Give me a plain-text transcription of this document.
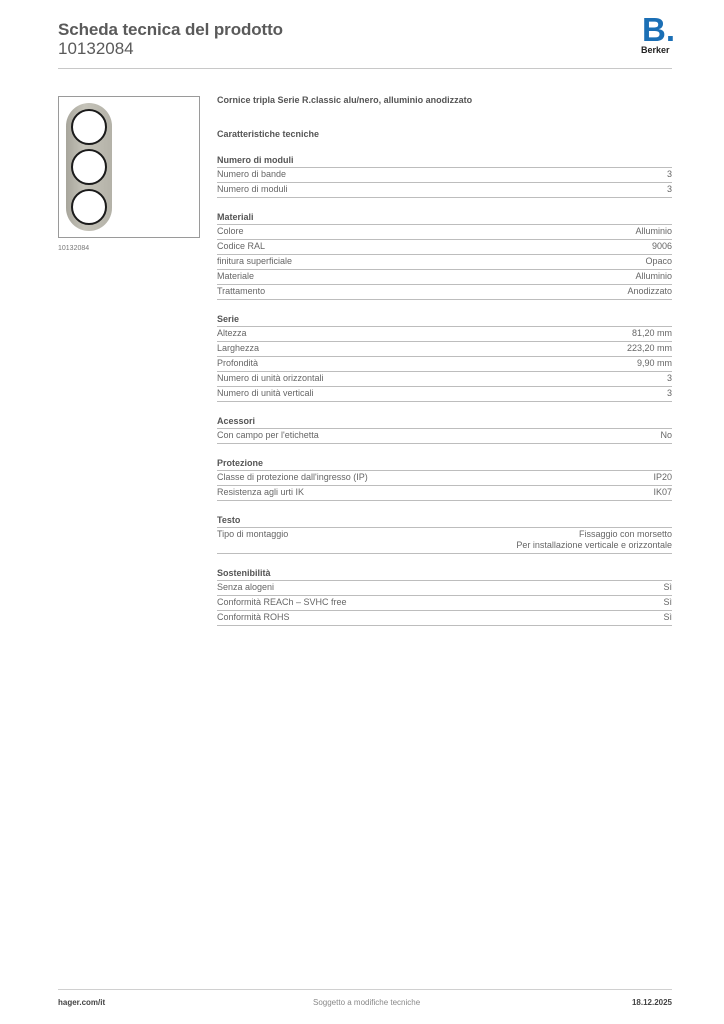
Scheda tecnica del prodotto
10132084
B.
Berker
10132084
Cornice tripla Serie R.classic alu/nero, alluminio anodizzato
Caratteristiche tecniche
Numero di moduli
Numero di bande	3
Numero di moduli	3
Materiali
Colore	Alluminio
Codice RAL	9006
finitura superficiale	Opaco
Materiale	Alluminio
Trattamento	Anodizzato
Serie
Altezza	81,20 mm
Larghezza	223,20 mm
Profondità	9,90 mm
Numero di unità orizzontali	3
Numero di unità verticali	3
Acessori
Con campo per l'etichetta	No
Protezione
Classe di protezione dall'ingresso (IP)	IP20
Resistenza agli urti IK	IK07
Testo
Tipo di montaggio	Fissaggio con morsetto
Per installazione verticale e orizzontale
Sostenibilità
Senza alogeni	Sì
Conformità REACh – SVHC free	Sì
Conformità ROHS	Sì
hager.com/it	Soggetto a modifiche tecniche	18.12.2025
